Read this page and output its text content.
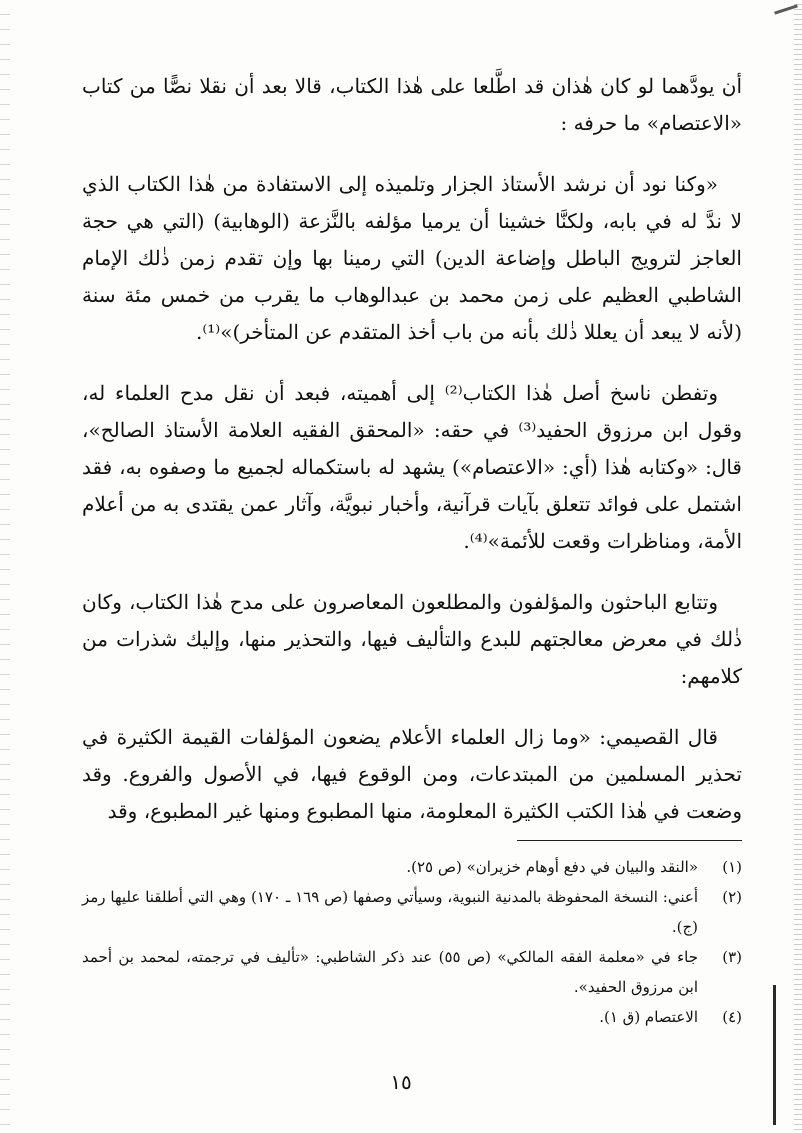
أن يودَّهما لو كان هٰذان قد اطَّلعا على هٰذا الكتاب، قالا بعد أن نقلا نصًّا من كتاب «الاعتصام» ما حرفه :

«وكنا نود أن نرشد الأستاذ الجزار وتلميذه إلى الاستفادة من هٰذا الكتاب الذي لا ندَّ له في بابه، ولكنَّا خشينا أن يرميا مؤلفه بالنَّزعة (الوهابية) (التي هي حجة العاجز لترويج الباطل وإضاعة الدين) التي رمينا بها وإن تقدم زمن ذٰلك الإمام الشاطبي العظيم على زمن محمد بن عبدالوهاب ما يقرب من خمس مئة سنة (لأنه لا يبعد أن يعللا ذٰلك بأنه من باب أخذ المتقدم عن المتأخر)»⁽¹⁾.

وتفطن ناسخ أصل هٰذا الكتاب⁽²⁾ إلى أهميته، فبعد أن نقل مدح العلماء له، وقول ابن مرزوق الحفيد⁽³⁾ في حقه: «المحقق الفقيه العلامة الأستاذ الصالح»، قال: «وكتابه هٰذا (أي: «الاعتصام») يشهد له باستكماله لجميع ما وصفوه به، فقد اشتمل على فوائد تتعلق بآيات قرآنية، وأخبار نبويَّة، وآثار عمن يقتدى به من أعلام الأمة، ومناظرات وقعت للأئمة»⁽⁴⁾.

وتتابع الباحثون والمؤلفون والمطلعون المعاصرون على مدح هٰذا الكتاب، وكان ذٰلك في معرض معالجتهم للبدع والتأليف فيها، والتحذير منها، وإليك شذرات من كلامهم:

قال القصيمي: «وما زال العلماء الأعلام يضعون المؤلفات القيمة الكثيرة في تحذير المسلمين من المبتدعات، ومن الوقوع فيها، في الأصول والفروع. وقد وضعت في هٰذا الكتب الكثيرة المعلومة، منها المطبوع ومنها غير المطبوع، وقد

(١)
«النقد والبيان في دفع أوهام خزيران» (ص ٢٥).
(٢)
أعني: النسخة المحفوظة بالمدنية النبوية، وسيأتي وصفها (ص ١٦٩ ـ ١٧٠) وهي التي أطلقنا عليها رمز (ج).
(٣)
جاء في «معلمة الفقه المالكي» (ص ٥٥) عند ذكر الشاطبي: «تأليف في ترجمته، لمحمد بن أحمد ابن مرزوق الحفيد».
(٤)
الاعتصام (ق ١).
١٥
